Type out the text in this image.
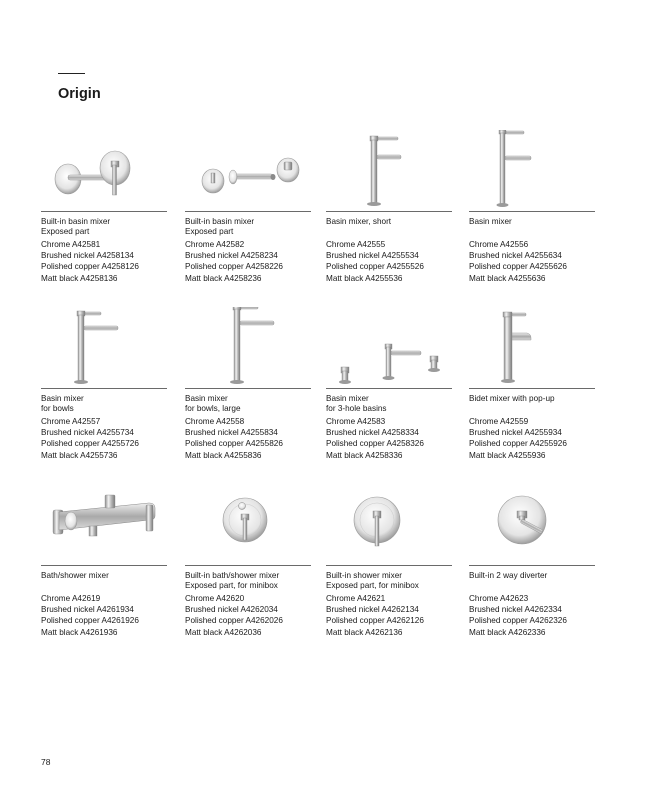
Origin
Built-in basin mixer
Exposed part
Chrome A42581
Brushed nickel A4258134
Polished copper A4258126
Matt black A4258136
Built-in basin mixer
Exposed part
Chrome A42582
Brushed nickel A4258234
Polished copper A4258226
Matt black A4258236
Basin mixer, short
Chrome A42555
Brushed nickel A4255534
Polished copper A4255526
Matt black A4255536
Basin mixer
Chrome A42556
Brushed nickel A4255634
Polished copper A4255626
Matt black A4255636
Basin mixer
for bowls
Chrome A42557
Brushed nickel A4255734
Polished copper A4255726
Matt black A4255736
Basin mixer
for bowls, large
Chrome A42558
Brushed nickel A4255834
Polished copper A4255826
Matt black A4255836
Basin mixer
for 3-hole basins
Chrome A42583
Brushed nickel A4258334
Polished copper A4258326
Matt black A4258336
Bidet mixer with pop-up
Chrome A42559
Brushed nickel A4255934
Polished copper A4255926
Matt black A4255936
Bath/shower mixer
Chrome A42619
Brushed nickel A4261934
Polished copper A4261926
Matt black A4261936
Built-in bath/shower mixer
Exposed part, for minibox
Chrome A42620
Brushed nickel A4262034
Polished copper A4262026
Matt black A4262036
Built-in shower mixer
Exposed part, for minibox
Chrome A42621
Brushed nickel A4262134
Polished copper A4262126
Matt black A4262136
Built-in 2 way diverter
Chrome A42623
Brushed nickel A4262334
Polished copper A4262326
Matt black A4262336
78
